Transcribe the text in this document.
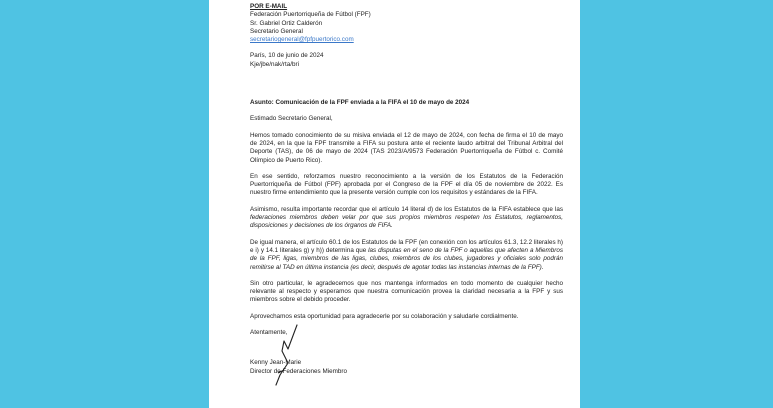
POR E-MAIL
Federación Puertorriqueña de Fútbol (FPF)
Sr. Gabriel Ortiz Calderón
Secretario General
secretariogeneral@fpfpuertorico.com
París, 10 de junio de 2024
Kje/jbe/nak/rta/bri
Asunto: Comunicación de la FPF enviada a la FIFA el 10 de mayo de 2024
Estimado Secretario General,

Hemos tomado conocimiento de su misiva enviada el 12 de mayo de 2024, con fecha de firma el 10 de mayo de 2024, en la que la FPF transmite a FIFA su postura ante el reciente laudo arbitral del Tribunal Arbitral del Deporte (TAS), de 06 de mayo de 2024 (TAS 2023/A/9573 Federación Puertorriqueña de Fútbol c. Comité Olímpico de Puerto Rico).

En ese sentido, reforzamos nuestro reconocimiento a la versión de los Estatutos de la Federación Puertorriqueña de Fútbol (FPF) aprobada por el Congreso de la FPF el día 05 de noviembre de 2022. Es nuestro firme entendimiento que la presente versión cumple con los requisitos y estándares de la FIFA.

Asimismo, resulta importante recordar que el artículo 14 literal d) de los Estatutos de la FIFA establece que las federaciones miembros deben velar por que sus propios miembros respeten los Estatutos, reglamentos, disposiciones y decisiones de los órganos de FIFA.

De igual manera, el artículo 60.1 de los Estatutos de la FPF (en conexión con los artículos 61.3, 12.2 literales h) e i) y 14.1 literales g) y h)) determina que las disputas en el seno de la FPF o aquellas que afecten a Miembros de la FPF, ligas, miembros de las ligas, clubes, miembros de los clubes, jugadores y oficiales solo podrán remitirse al TAD en última instancia (es decir, después de agotar todas las instancias internas de la FPF).

Sin otro particular, le agradecemos que nos mantenga informados en todo momento de cualquier hecho relevante al respecto y esperamos que nuestra comunicación provea la claridad necesaria a la FPF y sus miembros sobre el debido proceder.

Aprovechamos esta oportunidad para agradecerle por su colaboración y saludarle cordialmente.

Atentamente,
Kenny Jean-Marie
Director de Federaciones Miembro
